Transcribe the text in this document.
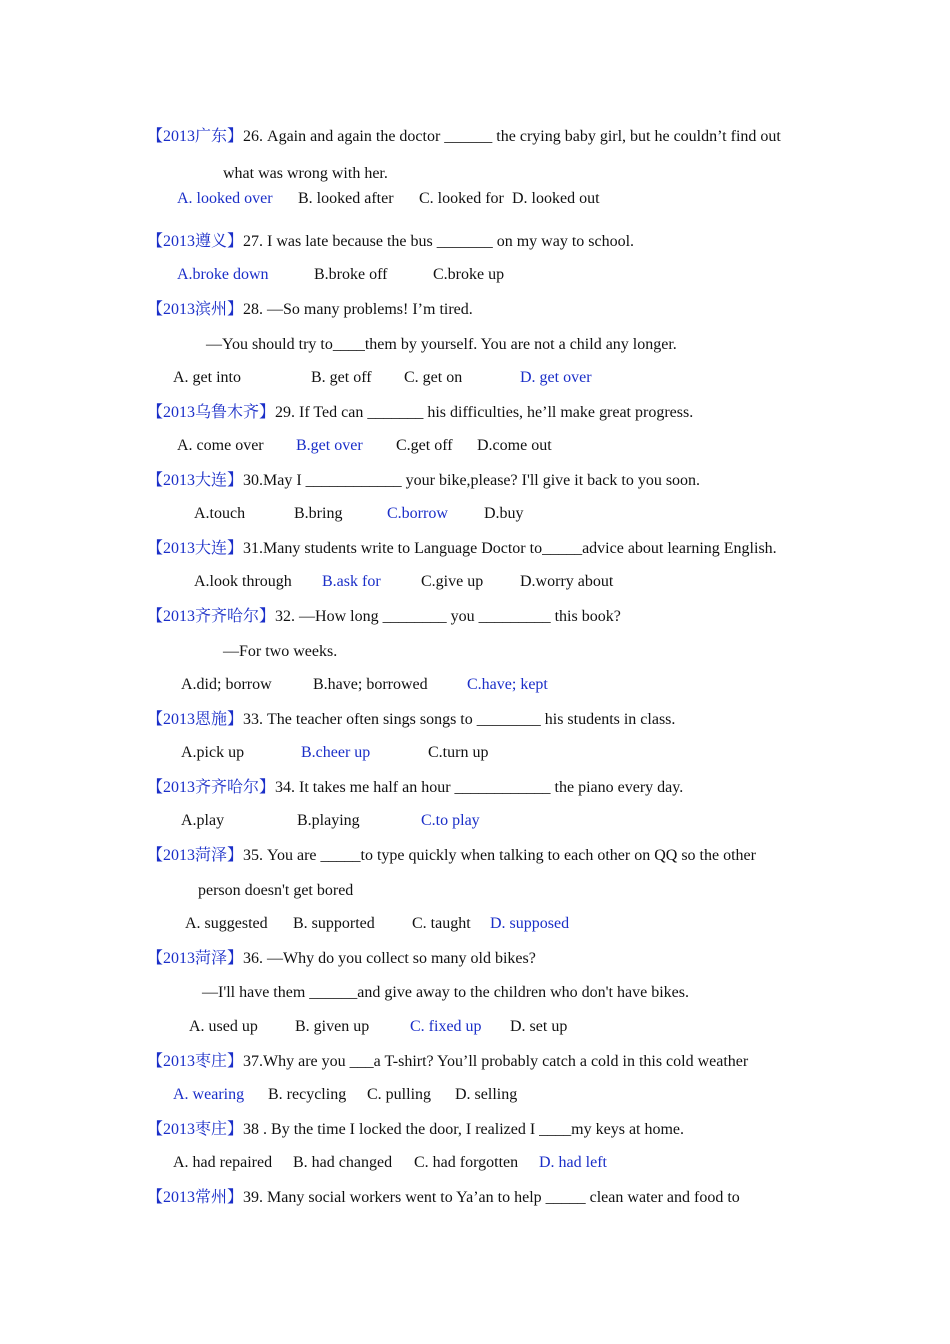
【2013广东】26. Again and again the doctor ______ the crying baby girl, but he couldn’t find out
what was wrong with her.
A. looked over B. looked after C. looked for D. looked out
【2013遵义】27. I was late because the bus _______ on my way to school.
A.broke down	B.broke off	C.broke up
【2013滨州】28. —So many problems! I’m tired.
—You should try to____them by yourself. You are not a child any longer.
A. get into	B. get off C. get on	D. get over
【2013乌鲁木齐】29. If Ted can _______ his difficulties, he’ll make great progress.
A. come over B.get over C.get off D.come out
【2013大连】30.May I ____________ your bike,please? I'll give it back to you soon.
A.touch	B.bring	C.borrow D.buy
【2013大连】31.Many students write to Language Doctor to_____advice about learning English.
A.look through B.ask for	C.give up D.worry about
【2013齐齐哈尔】32. —How long ________ you _________ this book?
—For two weeks.
A.did; borrow	B.have; borrowed C.have; kept
【2013恩施】33. The teacher often sings songs to ________ his students in class.
A.pick up	B.cheer up	C.turn up
【2013齐齐哈尔】34. It takes me half an hour ____________ the piano every day.
A.play	B.playing	C.to play
【2013菏泽】35. You are _____to type quickly when talking to each other on QQ so the other
person doesn't get bored
A. suggested B. supported C. taught D. supposed
【2013菏泽】36. —Why do you collect so many old bikes?
—I'll have them ______and give away to the children who don't have bikes.
A. used up B. given up	C. fixed up D. set up
【2013枣庄】37.Why are you ___a T-shirt? You’ll probably catch a cold in this cold weather
A. wearing B. recycling C. pulling D. selling
【2013枣庄】38 . By the time I locked the door, I realized I ____my keys at home.
A. had repaired B. had changed C. had forgotten D. had left
【2013常州】39. Many social workers went to Ya’an to help _____ clean water and food to
